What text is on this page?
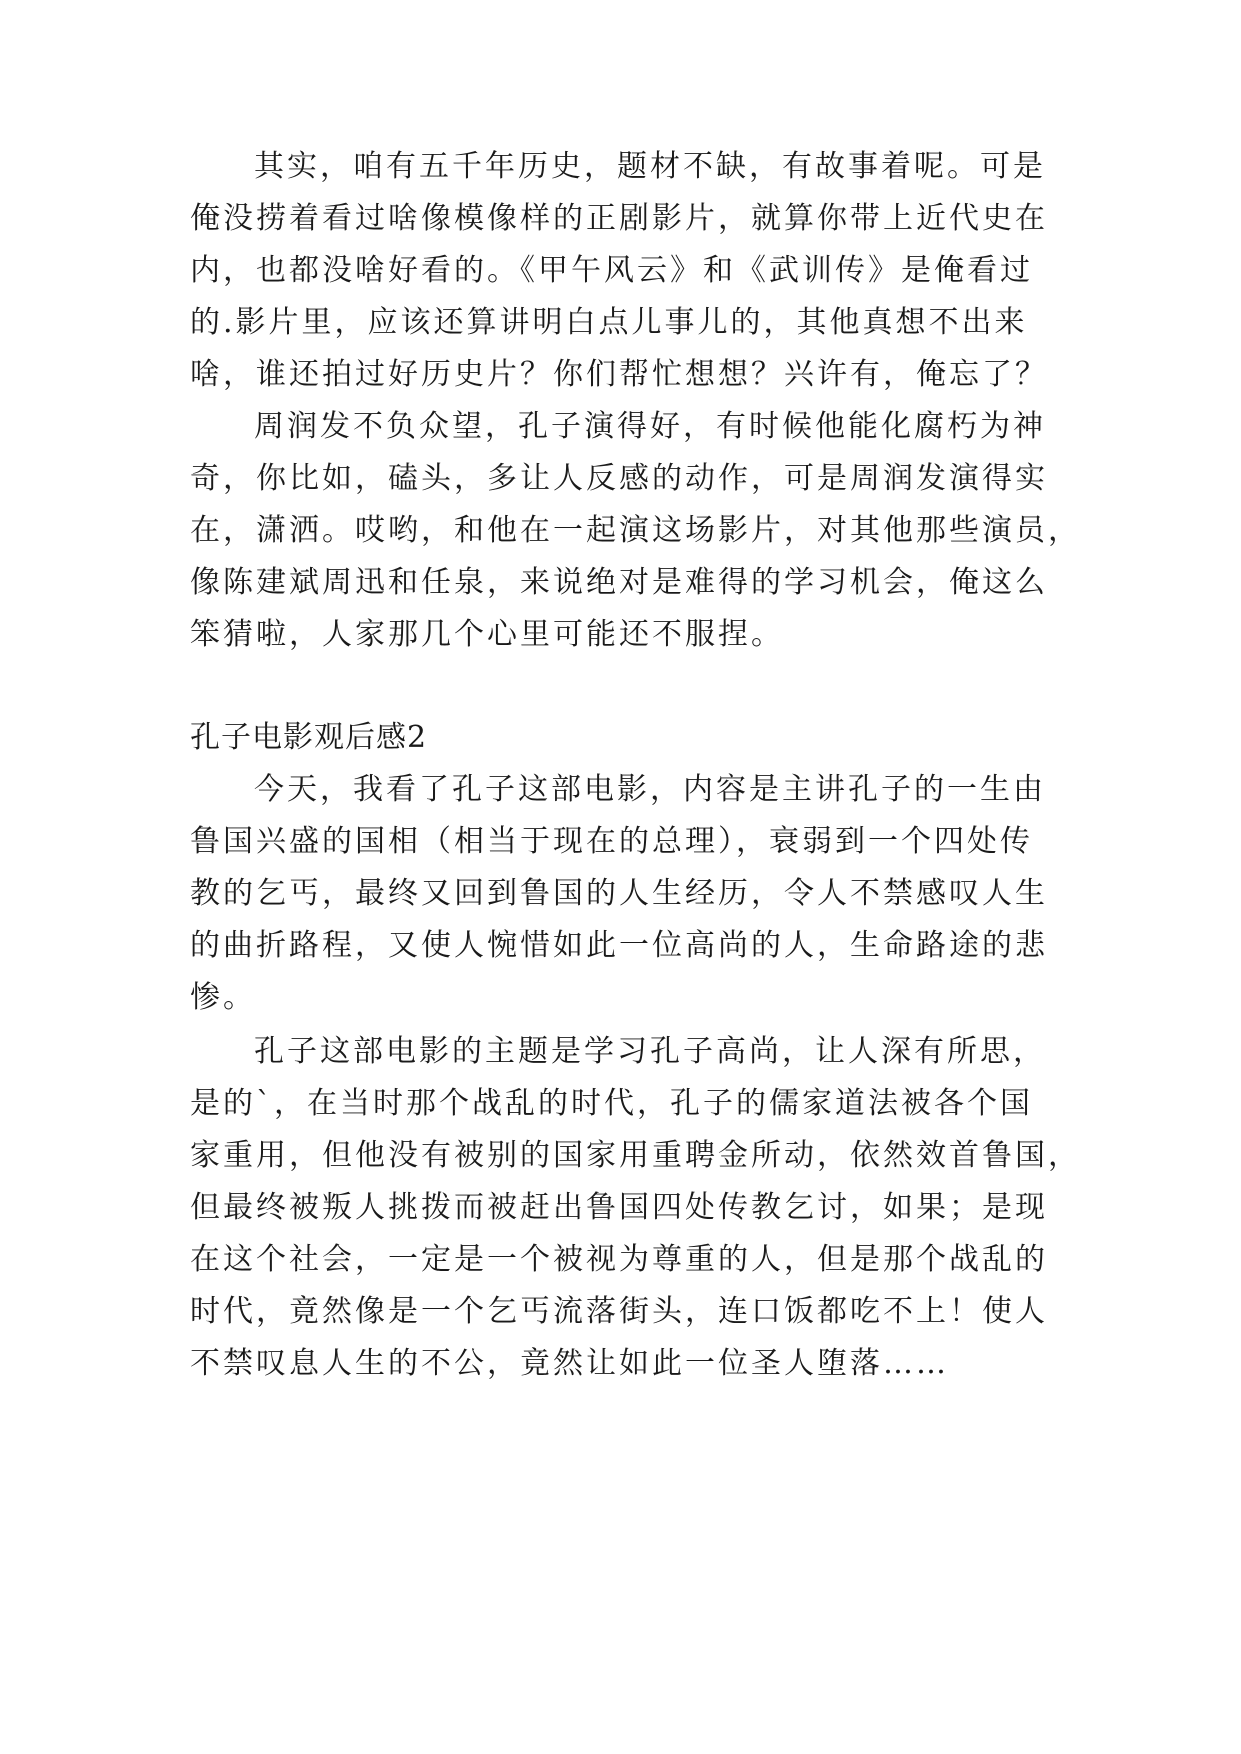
其实，咱有五千年历史，题材不缺，有故事着呢。可是
俺没捞着看过啥像模像样的正剧影片，就算你带上近代史在
内，也都没啥好看的。《甲午风云》和《武训传》是俺看过
的.影片里，应该还算讲明白点儿事儿的，其他真想不出来
啥，谁还拍过好历史片？你们帮忙想想？兴许有，俺忘了？
周润发不负众望，孔子演得好，有时候他能化腐朽为神
奇，你比如，磕头，多让人反感的动作，可是周润发演得实
在，潇洒。哎哟，和他在一起演这场影片，对其他那些演员，
像陈建斌周迅和任泉，来说绝对是难得的学习机会，俺这么
笨猜啦，人家那几个心里可能还不服捏。
孔子电影观后感2
今天，我看了孔子这部电影，内容是主讲孔子的一生由
鲁国兴盛的国相（相当于现在的总理），衰弱到一个四处传
教的乞丐，最终又回到鲁国的人生经历，令人不禁感叹人生
的曲折路程，又使人惋惜如此一位高尚的人，生命路途的悲
惨。
孔子这部电影的主题是学习孔子高尚，让人深有所思，
是的`，在当时那个战乱的时代，孔子的儒家道法被各个国
家重用，但他没有被别的国家用重聘金所动，依然效首鲁国，
但最终被叛人挑拨而被赶出鲁国四处传教乞讨，如果；是现
在这个社会，一定是一个被视为尊重的人，但是那个战乱的
时代，竟然像是一个乞丐流落街头，连口饭都吃不上！使人
不禁叹息人生的不公，竟然让如此一位圣人堕落……
